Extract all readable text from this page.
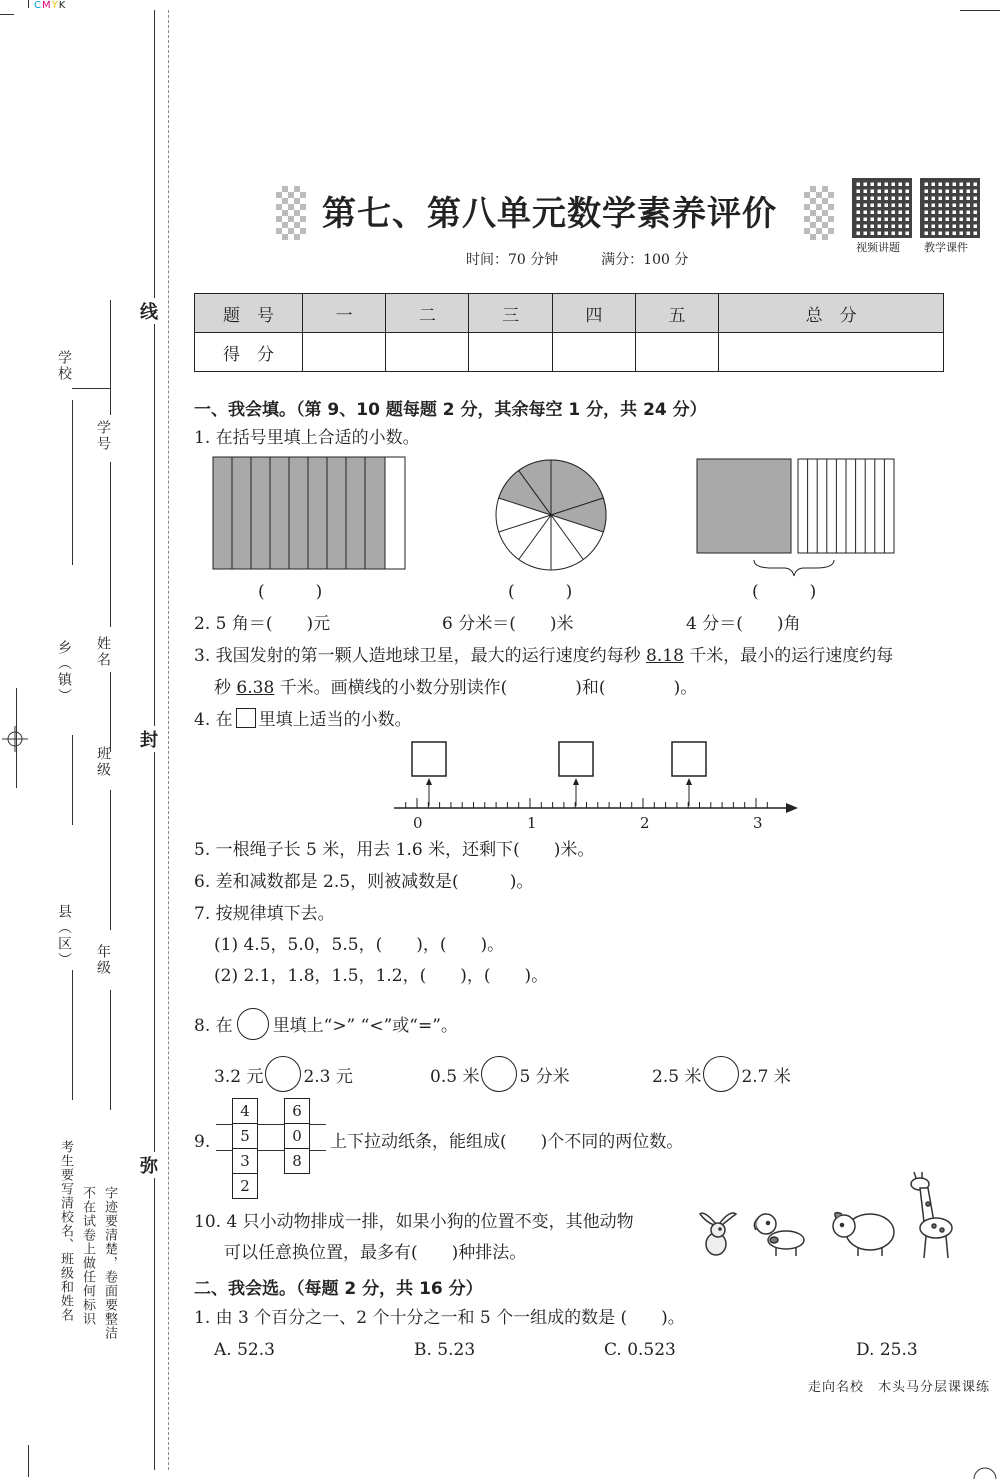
CMYK
学校
学号
乡（镇） 姓名
班级
县（区） 年级
线
封
弥
考生要写清校名、班级和姓名 不在试卷上做任何标识 字迹要清楚，卷面要整洁
第七、第八单元数学素养评价
视频讲题 教学课件
时间：70 分钟	满分：100 分
题　号	一	二	三	四	五	总　分
得　分						
一、我会填。（第 9、10 题每题 2 分，其余每空 1 分，共 24 分）
1. 在括号里填上合适的小数。
(　　　)	(　　　)	(　　　)
2. 5 角＝(　　)元	6 分米＝(　　)米	4 分＝(　　)角
3. 我国发射的第一颗人造地球卫星，最大的运行速度约每秒 8.18 千米，最小的运行速度约每
秒 6.38 千米。画横线的小数分别读作(　　　　)和(　　　　)。
4. 在 里填上适当的小数。
0	1	2	3
5. 一根绳子长 5 米，用去 1.6 米，还剩下(　　)米。
6. 差和减数都是 2.5，则被减数是(　　　)。
7. 按规律填下去。
(1) 4.5，5.0，5.5，(　　)，(　　)。
(2) 2.1，1.8，1.5，1.2，(　　)，(　　)。
8. 在 里填上“>” “<”或“=”。
3.2 元 2.3 元	0.5 米 5 分米	2.5 米 2.7 米
9.
4
5
3
2
6
0
8
上下拉动纸条，能组成(　　)个不同的两位数。
10. 4 只小动物排成一排，如果小狗的位置不变，其他动物
可以任意换位置，最多有(　　)种排法。
二、我会选。（每题 2 分，共 16 分）
1. 由 3 个百分之一、2 个十分之一和 5 个一组成的数是 (　　)。
A. 52.3	B. 5.23	C. 0.523	D. 25.3
走向名校　木头马分层课课练
